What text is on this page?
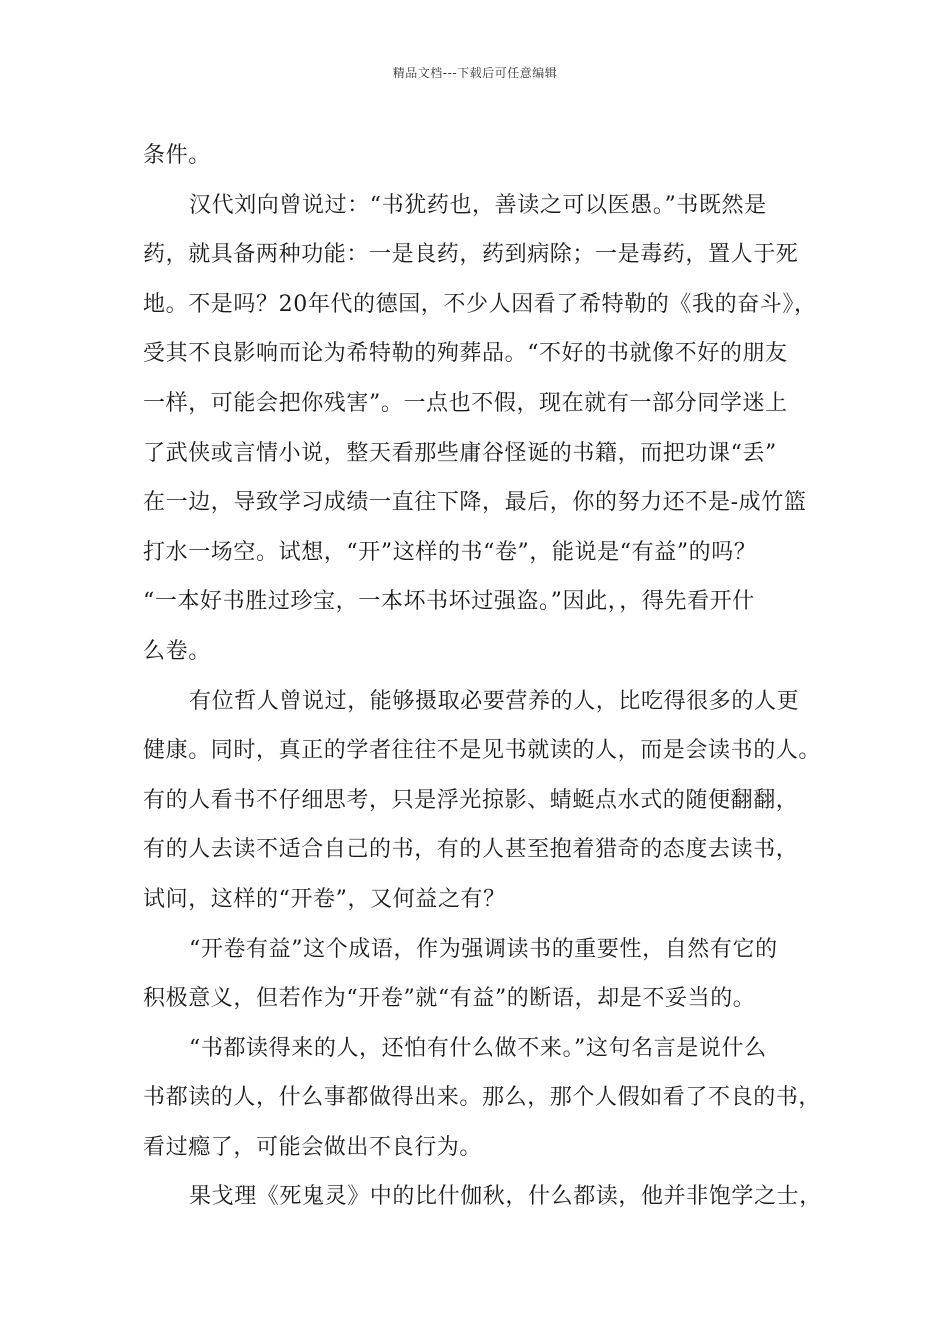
精品文档---下载后可任意编辑
条件。
汉代刘向曾说过：“书犹药也，善读之可以医愚。”书既然是
药，就具备两种功能：一是良药，药到病除；一是毒药，置人于死
地。不是吗？20年代的德国，不少人因看了希特勒的《我的奋斗》，
受其不良影响而论为希特勒的殉葬品。“不好的书就像不好的朋友
一样，可能会把你残害”。一点也不假，现在就有一部分同学迷上
了武侠或言情小说，整天看那些庸谷怪诞的书籍，而把功课“丢”
在一边，导致学习成绩一直往下降，最后，你的努力还不是-成竹篮
打水一场空。试想，“开”这样的书“卷”，能说是“有益”的吗？
“一本好书胜过珍宝，一本坏书坏过强盗。”因此，，得先看开什
么卷。
有位哲人曾说过，能够摄取必要营养的人，比吃得很多的人更
健康。同时，真正的学者往往不是见书就读的人，而是会读书的人。
有的人看书不仔细思考，只是浮光掠影、蜻蜓点水式的随便翻翻，
有的人去读不适合自己的书，有的人甚至抱着猎奇的态度去读书，
试问，这样的“开卷”，又何益之有？
“开卷有益”这个成语，作为强调读书的重要性，自然有它的
积极意义，但若作为“开卷”就“有益”的断语，却是不妥当的。
“书都读得来的人，还怕有什么做不来。”这句名言是说什么
书都读的人，什么事都做得出来。那么，那个人假如看了不良的书，
看过瘾了，可能会做出不良行为。
果戈理《死鬼灵》中的比什伽秋，什么都读，他并非饱学之士，
